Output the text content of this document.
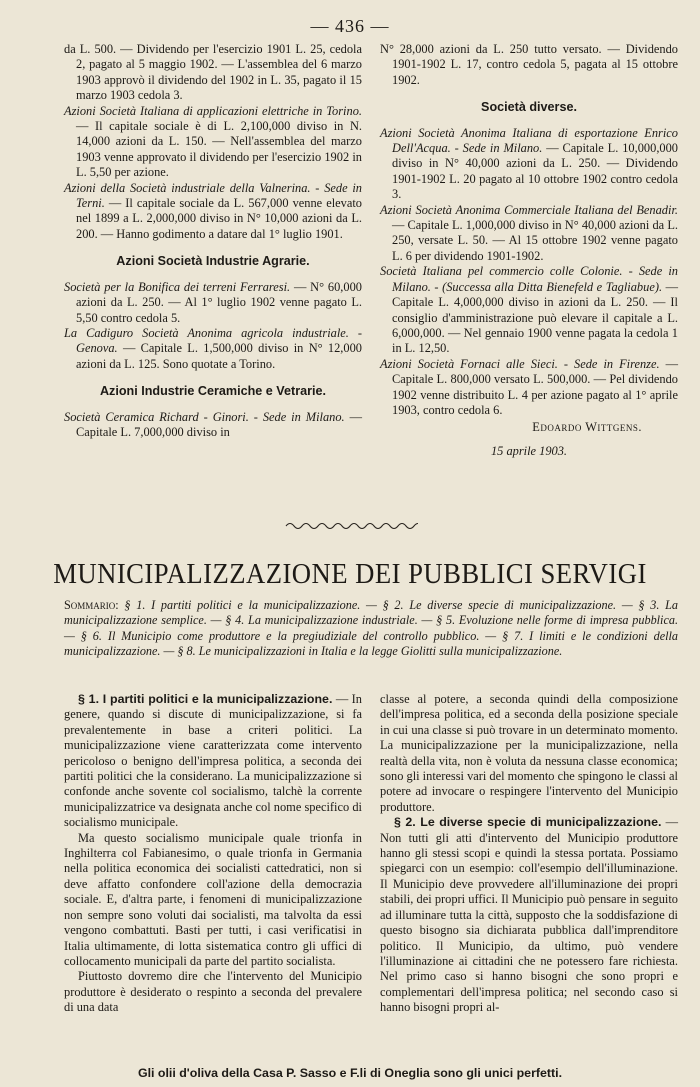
— 436 —

da L. 500. — Dividendo per l'esercizio 1901 L. 25, cedola 2, pagato al 5 maggio 1902. — L'assemblea del 6 marzo 1903 approvò il dividendo del 1902 in L. 35, pagato il 15 marzo 1903 cedola 3.

Azioni Società Italiana di applicazioni elettriche in Torino. — Il capitale sociale è di L. 2,100,000 diviso in N. 14,000 azioni da L. 150. — Nell'assemblea del marzo 1903 venne approvato il dividendo per l'esercizio 1902 in L. 5,50 per azione.

Azioni della Società industriale della Valnerina. - Sede in Terni. — Il capitale sociale da L. 567,000 venne elevato nel 1899 a L. 2,000,000 diviso in N° 10,000 azioni da L. 200. — Hanno godimento a datare dal 1° luglio 1901.

Azioni Società Industrie Agrarie.

Società per la Bonifica dei terreni Ferraresi. — N° 60,000 azioni da L. 250. — Al 1° luglio 1902 venne pagato L. 5,50 contro cedola 5.

La Cadiguro Società Anonima agricola industriale. - Genova. — Capitale L. 1,500,000 diviso in N° 12,000 azioni da L. 125. Sono quotate a Torino.

Azioni Industrie Ceramiche e Vetrarie.

Società Ceramica Richard - Ginori. - Sede in Milano. — Capitale L. 7,000,000 diviso in

N° 28,000 azioni da L. 250 tutto versato. — Dividendo 1901-1902 L. 17, contro cedola 5, pagata al 15 ottobre 1902.

Società diverse.

Azioni Società Anonima Italiana di esportazione Enrico Dell'Acqua. - Sede in Milano. — Capitale L. 10,000,000 diviso in N° 40,000 azioni da L. 250. — Dividendo 1901-1902 L. 20 pagato al 10 ottobre 1902 contro cedola 3.

Azioni Società Anonima Commerciale Italiana del Benadir. — Capitale L. 1,000,000 diviso in N° 40,000 azioni da L. 250, versate L. 50. — Al 15 ottobre 1902 venne pagato L. 6 per dividendo 1901-1902.

Società Italiana pel commercio colle Colonie. - Sede in Milano. - (Successa alla Ditta Bienefeld e Tagliabue). — Capitale L. 4,000,000 diviso in azioni da L. 250. — Il consiglio d'amministrazione può elevare il capitale a L. 6,000,000. — Nel gennaio 1900 venne pagata la cedola 1 in L. 12,50.

Azioni Società Fornaci alle Sieci. - Sede in Firenze. — Capitale L. 800,000 versato L. 500,000. — Pel dividendo 1902 venne distribuito L. 4 per azione pagato al 1° aprile 1903, contro cedola 6.

Edoardo Wittgens.

15 aprile 1903.

MUNICIPALIZZAZIONE DEI PUBBLICI SERVIGI
Sommario: § 1. I partiti politici e la municipalizzazione. — § 2. Le diverse specie di municipalizzazione. — § 3. La municipalizzazione semplice. — § 4. La municipalizzazione industriale. — § 5. Evoluzione nelle forme di impresa pubblica. — § 6. Il Municipio come produttore e la pregiudiziale del controllo pubblico. — § 7. I limiti e le condizioni della municipalizzazione. — § 8. Le municipalizzazioni in Italia e la legge Giolitti sulla municipalizzazione.

§ 1. I partiti politici e la municipalizzazione. — In genere, quando si discute di municipalizzazione, si fa prevalentemente in base a criteri politici. La municipalizzazione viene caratterizzata come intervento pericoloso o benigno dell'impresa politica, a seconda dei partiti politici che la considerano. La municipalizzazione si confonde anche sovente col socialismo, talchè la corrente municipalizzatrice va designata anche col nome specifico di socialismo municipale.

Ma questo socialismo municipale quale trionfa in Inghilterra col Fabianesimo, o quale trionfa in Germania nella politica economica dei socialisti cattedratici, non si deve affatto confondere coll'azione della democrazia sociale. E, d'altra parte, i fenomeni di municipalizzazione non sempre sono voluti dai socialisti, ma talvolta da essi vengono combattuti. Basti per tutti, i casi verificatisi in Italia ultimamente, di lotta sistematica contro gli uffici di collocamento municipali da parte del partito socialista.

Piuttosto dovremo dire che l'intervento del Municipio produttore è desiderato o respinto a seconda del prevalere di una data

classe al potere, a seconda quindi della composizione dell'impresa politica, ed a seconda della posizione speciale in cui una classe si può trovare in un determinato momento. La municipalizzazione per la municipalizzazione, nella realtà della vita, non è voluta da nessuna classe economica; sono gli interessi vari del momento che spingono le classi al potere ad invocare o respingere l'intervento del Municipio produttore.

§ 2. Le diverse specie di municipalizzazione. — Non tutti gli atti d'intervento del Municipio produttore hanno gli stessi scopi e quindi la stessa portata. Possiamo spiegarci con un esempio: coll'esempio dell'illuminazione. Il Municipio deve provvedere all'illuminazione dei propri stabili, dei propri uffici. Il Municipio può pensare in seguito ad illuminare tutta la città, supposto che la soddisfazione di questo bisogno sia dichiarata pubblica dall'imprenditore politico. Il Municipio, da ultimo, può vendere l'illuminazione ai cittadini che ne potessero fare richiesta. Nel primo caso si hanno bisogni che sono propri e complementari dell'impresa politica; nel secondo caso si hanno bisogni propri al-

Gli olii d'oliva della Casa P. Sasso e F.li di Oneglia sono gli unici perfetti.
